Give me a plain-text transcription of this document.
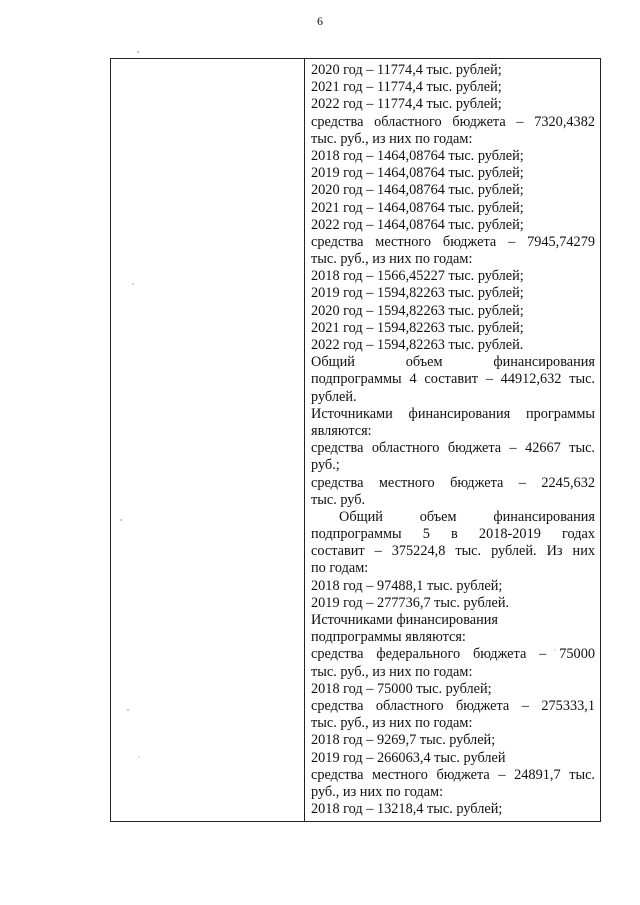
6
2020 год – 11774,4 тыс. рублей;
2021 год – 11774,4 тыс. рублей;
2022 год – 11774,4 тыс. рублей;
средства областного бюджета – 7320,4382
тыс. руб., из них по годам:
2018 год – 1464,08764 тыс. рублей;
2019 год – 1464,08764 тыс. рублей;
2020 год – 1464,08764 тыс. рублей;
2021 год – 1464,08764 тыс. рублей;
2022 год – 1464,08764 тыс. рублей;
средства местного бюджета – 7945,74279
тыс. руб., из них по годам:
2018 год – 1566,45227 тыс. рублей;
2019 год – 1594,82263 тыс. рублей;
2020 год – 1594,82263 тыс. рублей;
2021 год – 1594,82263 тыс. рублей;
2022 год – 1594,82263 тыс. рублей.
Общий объем финансирования
подпрограммы 4 составит – 44912,632 тыс.
рублей.
Источниками финансирования программы
являются:
средства областного бюджета – 42667 тыс.
руб.;
средства местного бюджета – 2245,632
тыс. руб.
Общий объем финансирования
подпрограммы 5 в 2018-2019 годах
составит – 375224,8 тыс. рублей. Из них
по годам:
2018 год – 97488,1 тыс. рублей;
2019 год – 277736,7 тыс. рублей.
Источниками финансирования
подпрограммы являются:
средства федерального бюджета – 75000
тыс. руб., из них по годам:
2018 год – 75000 тыс. рублей;
средства областного бюджета – 275333,1
тыс. руб., из них по годам:
2018 год – 9269,7 тыс. рублей;
2019 год – 266063,4 тыс. рублей
средства местного бюджета – 24891,7 тыс.
руб., из них по годам:
2018 год – 13218,4 тыс. рублей;
